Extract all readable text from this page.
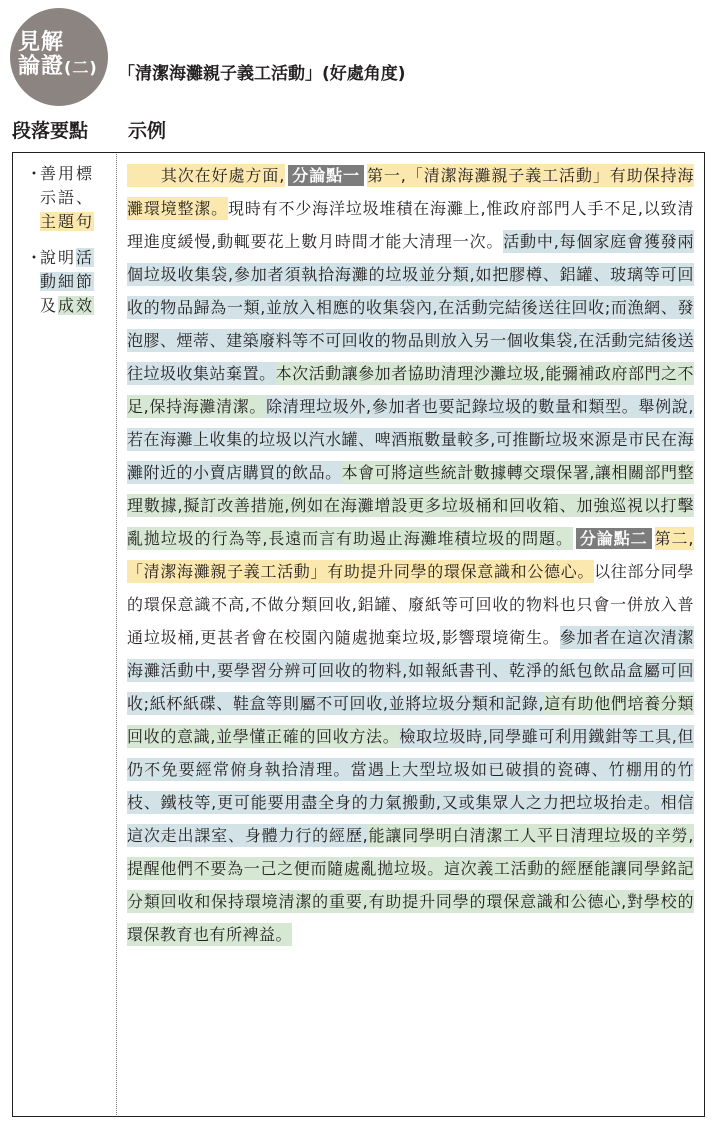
見解
論證(二) 「清潔海灘親子義工活動」(好處角度)
段落要點 示例
・
善用標示語、主題句
・
說明活動細節及成效
　　其次在好處方面, 分論點一 第一,「清潔海灘親子義工活動」有助保持海灘環境整潔。現時有不少海洋垃圾堆積在海灘上,惟政府部門人手不足,以致清理進度緩慢,動輒要花上數月時間才能大清理一次。活動中,每個家庭會獲發兩個垃圾收集袋,參加者須執拾海灘的垃圾並分類,如把膠樽、鋁罐、玻璃等可回收的物品歸為一類,並放入相應的收集袋內,在活動完結後送往回收;而漁網、發泡膠、煙蒂、建築廢料等不可回收的物品則放入另一個收集袋,在活動完結後送往垃圾收集站棄置。本次活動讓參加者協助清理沙灘垃圾,能彌補政府部門之不足,保持海灘清潔。除清理垃圾外,參加者也要記錄垃圾的數量和類型。舉例說,若在海灘上收集的垃圾以汽水罐、啤酒瓶數量較多,可推斷垃圾來源是市民在海灘附近的小賣店購買的飲品。本會可將這些統計數據轉交環保署,讓相關部門整理數據,擬訂改善措施,例如在海灘增設更多垃圾桶和回收箱、加強巡視以打擊亂拋垃圾的行為等,長遠而言有助遏止海灘堆積垃圾的問題。 分論點二 第二,「清潔海灘親子義工活動」有助提升同學的環保意識和公德心。以往部分同學的環保意識不高,不做分類回收,鋁罐、廢紙等可回收的物料也只會一併放入普通垃圾桶,更甚者會在校園內隨處拋棄垃圾,影響環境衛生。參加者在這次清潔海灘活動中,要學習分辨可回收的物料,如報紙書刊、乾淨的紙包飲品盒屬可回收;紙杯紙碟、鞋盒等則屬不可回收,並將垃圾分類和記錄,這有助他們培養分類回收的意識,並學懂正確的回收方法。檢取垃圾時,同學雖可利用鐵鉗等工具,但仍不免要經常俯身執拾清理。當遇上大型垃圾如已破損的瓷磚、竹棚用的竹枝、鐵枝等,更可能要用盡全身的力氣搬動,又或集眾人之力把垃圾抬走。相信這次走出課室、身體力行的經歷,能讓同學明白清潔工人平日清理垃圾的辛勞,提醒他們不要為一己之便而隨處亂拋垃圾。這次義工活動的經歷能讓同學銘記分類回收和保持環境清潔的重要,有助提升同學的環保意識和公德心,對學校的環保教育也有所裨益。
